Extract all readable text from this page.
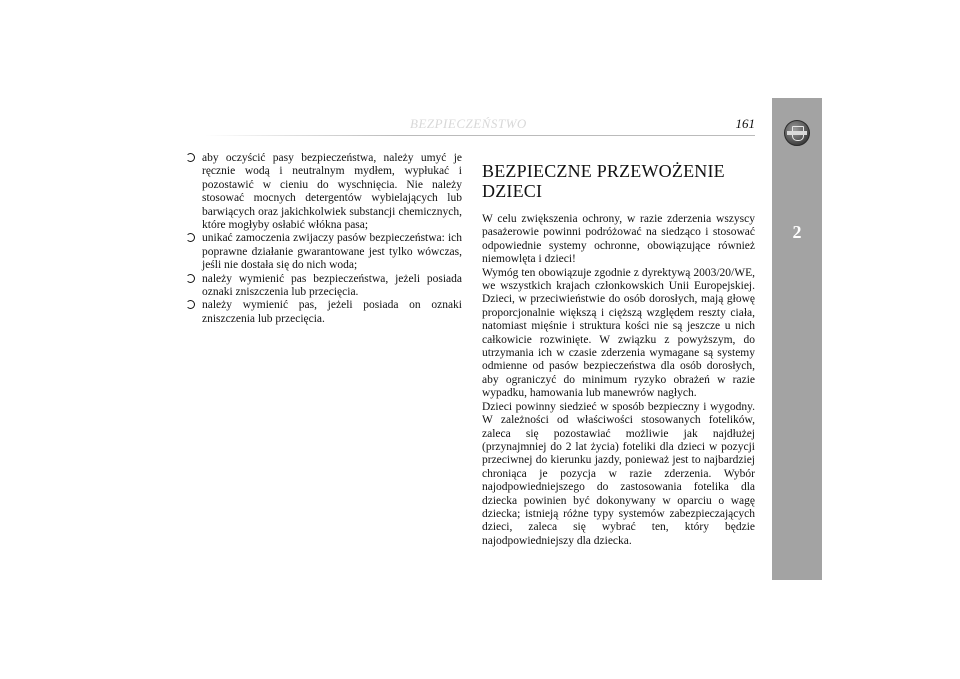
BEZPIECZEŃSTWO	161
aby oczyścić pasy bezpieczeństwa, należy umyć je ręcznie wodą i neutralnym mydłem, wypłukać i pozostawić w cieniu do wyschnięcia. Nie należy stosować mocnych detergentów wybielających lub barwiących oraz jakichkolwiek substancji chemicznych, które mogłyby osłabić włókna pasa;
unikać zamoczenia zwijaczy pasów bezpieczeństwa: ich poprawne działanie gwarantowane jest tylko wówczas, jeśli nie dostała się do nich woda;
należy wymienić pas bezpieczeństwa, jeżeli posiada oznaki zniszczenia lub przecięcia.
należy wymienić pas, jeżeli posiada on oznaki zniszczenia lub przecięcia.
BEZPIECZNE PRZEWOŻENIE DZIECI

W celu zwiększenia ochrony, w razie zderzenia wszyscy pasażerowie powinni podróżować na siedząco i stosować odpowiednie systemy ochronne, obowiązujące również niemowlęta i dzieci!

Wymóg ten obowiązuje zgodnie z dyrektywą 2003/20/WE, we wszystkich krajach członkowskich Unii Europejskiej. Dzieci, w przeciwieństwie do osób dorosłych, mają głowę proporcjonalnie większą i cięższą względem reszty ciała, natomiast mięśnie i struktura kości nie są jeszcze u nich całkowicie rozwinięte. W związku z powyższym, do utrzymania ich w czasie zderzenia wymagane są systemy odmienne od pasów bezpieczeństwa dla osób dorosłych, aby ograniczyć do minimum ryzyko obrażeń w razie wypadku, hamowania lub manewrów nagłych.

Dzieci powinny siedzieć w sposób bezpieczny i wygodny. W zależności od właściwości stosowanych fotelików, zaleca się pozostawiać możliwie jak najdłużej (przynajmniej do 2 lat życia) foteliki dla dzieci w pozycji przeciwnej do kierunku jazdy, ponieważ jest to najbardziej chroniąca je pozycja w razie zderzenia. Wybór najodpowiedniejszego do zastosowania fotelika dla dziecka powinien być dokonywany w oparciu o wagę dziecka; istnieją różne typy systemów zabezpieczających dzieci, zaleca się wybrać ten, który będzie najodpowiedniejszy dla dziecka.

2
